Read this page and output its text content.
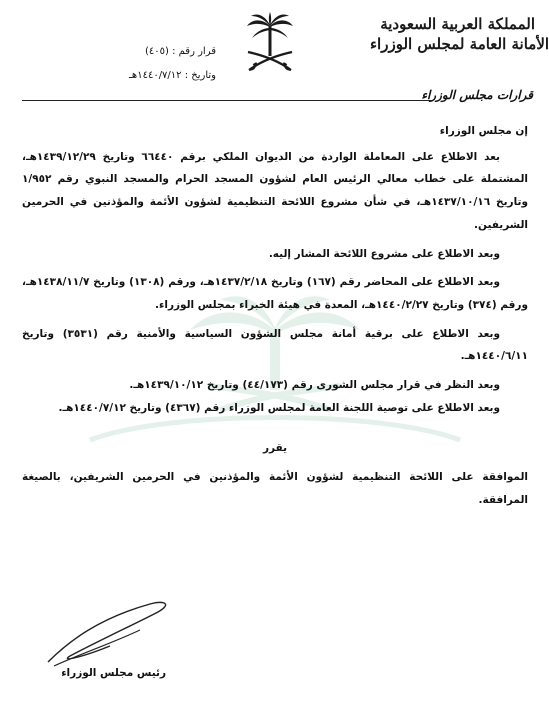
المملكة العربية السعودية
الأمانة العامة لمجلس الوزراء
قرار رقم : (٤٠٥)
وتاريخ : ١٤٤٠/٧/١٢هـ
قرارات مجلس الوزراء

إن مجلس الوزراء

بعد الاطلاع على المعاملة الواردة من الديوان الملكي برقم ٦٦٤٤٠ وتاريخ ١٤٣٩/١٢/٢٩هـ، المشتملة على خطاب معالي الرئيس العام لشؤون المسجد الحرام والمسجد النبوي رقم ١/٩٥٢ وتاريخ ١٤٣٧/١٠/١٦هـ، في شأن مشروع اللائحة التنظيمية لشؤون الأئمة والمؤذنين في الحرمين الشريفين.

وبعد الاطلاع على مشروع اللائحة المشار إليه.

وبعد الاطلاع على المحاضر رقم (١٦٧) وتاريخ ١٤٣٧/٢/١٨هـ، ورقم (١٣٠٨) وتاريخ ١٤٣٨/١١/٧هـ، ورقم (٣٧٤) وتاريخ ١٤٤٠/٢/٢٧هـ، المعدة في هيئة الخبراء بمجلس الوزراء.

وبعد الاطلاع على برقية أمانة مجلس الشؤون السياسية والأمنية رقم (٣٥٣١) وتاريخ ١٤٤٠/٦/١١هـ.

وبعد النظر في قرار مجلس الشورى رقم (٤٤/١٧٣) وتاريخ ١٤٣٩/١٠/١٢هـ.

وبعد الاطلاع على توصية اللجنة العامة لمجلس الوزراء رقم (٤٣٦٧) وتاريخ ١٤٤٠/٧/١٢هـ.

يقرر

الموافقة على اللائحة التنظيمية لشؤون الأئمة والمؤذنين في الحرمين الشريفين، بالصيغة المرافقة.

رئيس مجلس الوزراء
